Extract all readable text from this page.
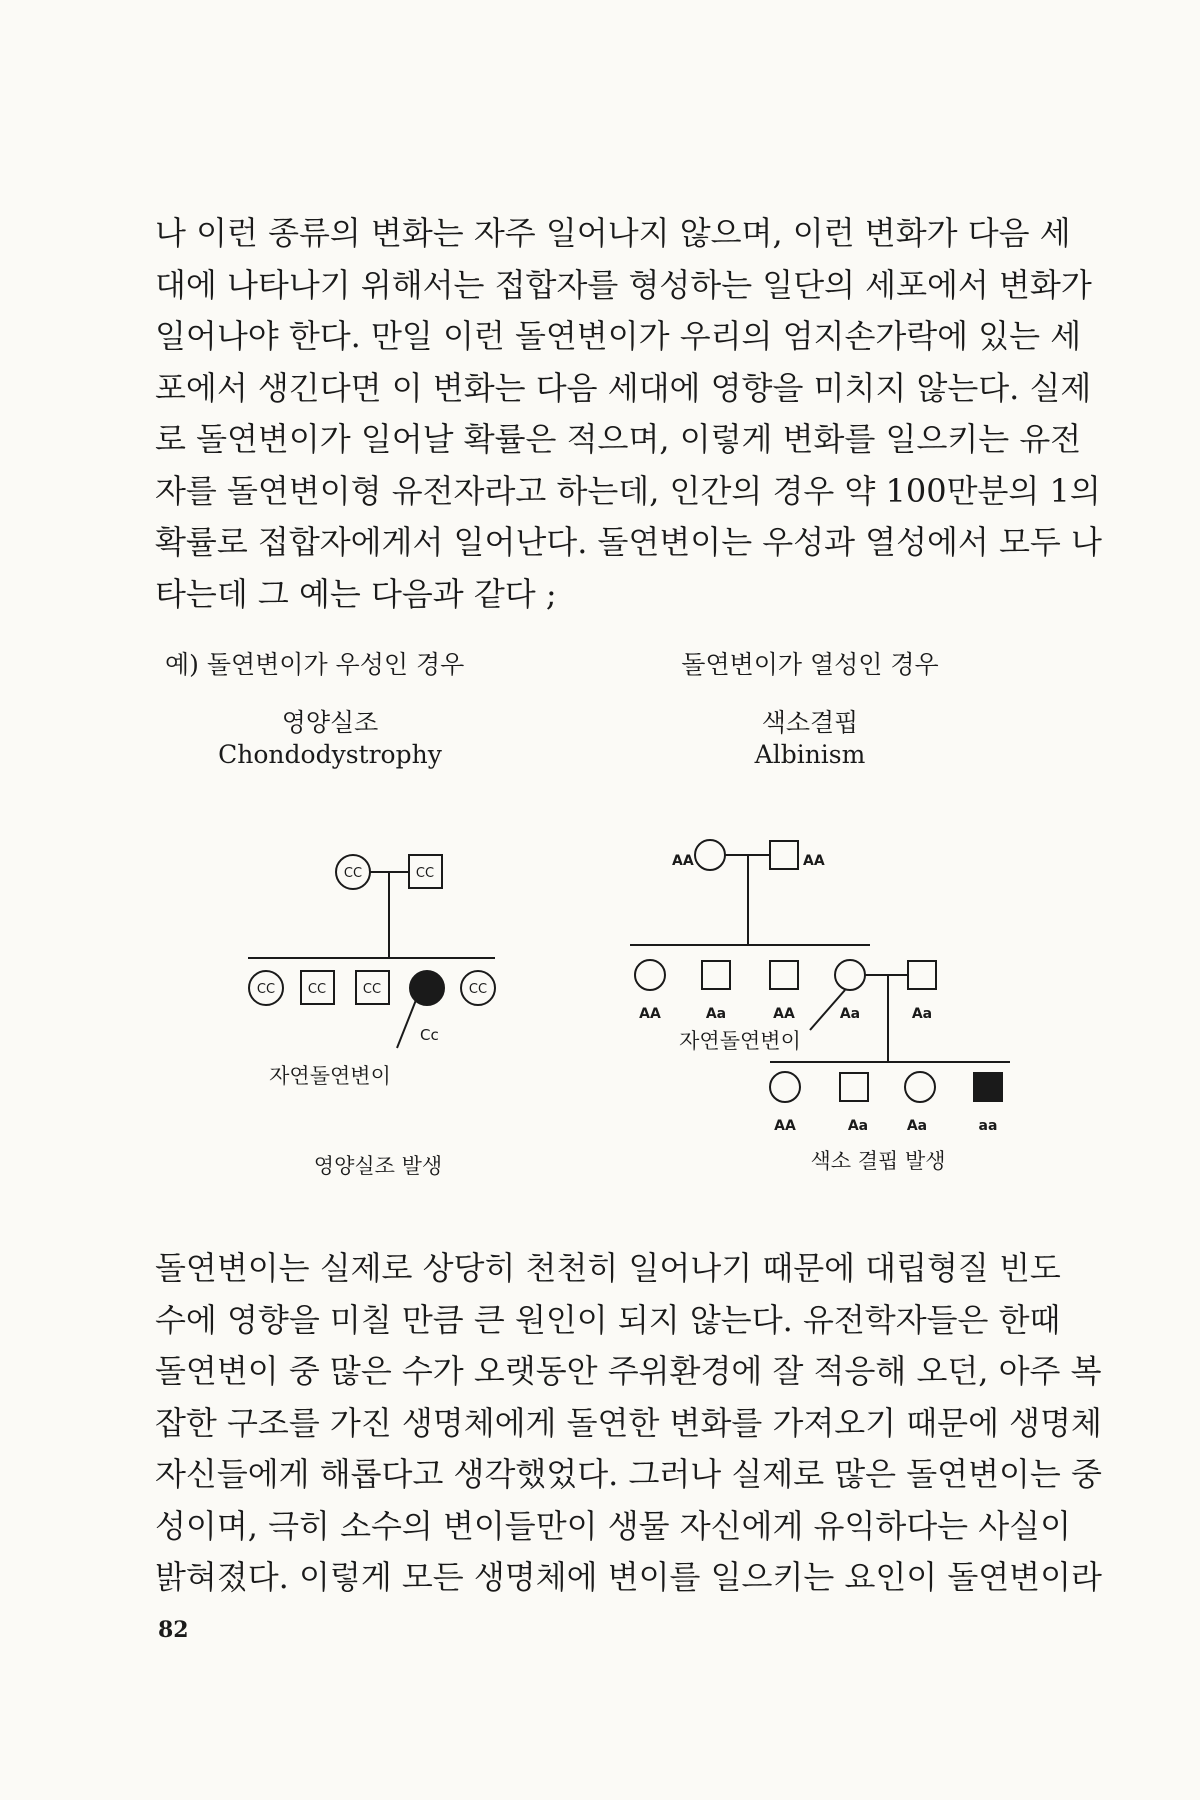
나 이런 종류의 변화는 자주 일어나지 않으며, 이런 변화가 다음 세
대에 나타나기 위해서는 접합자를 형성하는 일단의 세포에서 변화가
일어나야 한다. 만일 이런 돌연변이가 우리의 엄지손가락에 있는 세
포에서 생긴다면 이 변화는 다음 세대에 영향을 미치지 않는다. 실제
로 돌연변이가 일어날 확률은 적으며, 이렇게 변화를 일으키는 유전
자를 돌연변이형 유전자라고 하는데, 인간의 경우 약 100만분의 1의
확률로 접합자에게서 일어난다. 돌연변이는 우성과 열성에서 모두 나
타는데 그 예는 다음과 같다 ;
예) 돌연변이가 우성인 경우
영양실조
Chondodystrophy
돌연변이가 열성인 경우
색소결핍
Albinism
CC	CC
CC	CC	CC	CC
Cc
자연돌연변이
영양실조 발생
AA	AA
AA	Aa	AA	Aa	Aa
AA	Aa	Aa	aa
자연돌연변이
색소 결핍 발생
돌연변이는 실제로 상당히 천천히 일어나기 때문에 대립형질 빈도
수에 영향을 미칠 만큼 큰 원인이 되지 않는다. 유전학자들은 한때
돌연변이 중 많은 수가 오랫동안 주위환경에 잘 적응해 오던, 아주 복
잡한 구조를 가진 생명체에게 돌연한 변화를 가져오기 때문에 생명체
자신들에게 해롭다고 생각했었다. 그러나 실제로 많은 돌연변이는 중
성이며, 극히 소수의 변이들만이 생물 자신에게 유익하다는 사실이
밝혀졌다. 이렇게 모든 생명체에 변이를 일으키는 요인이 돌연변이라
82
